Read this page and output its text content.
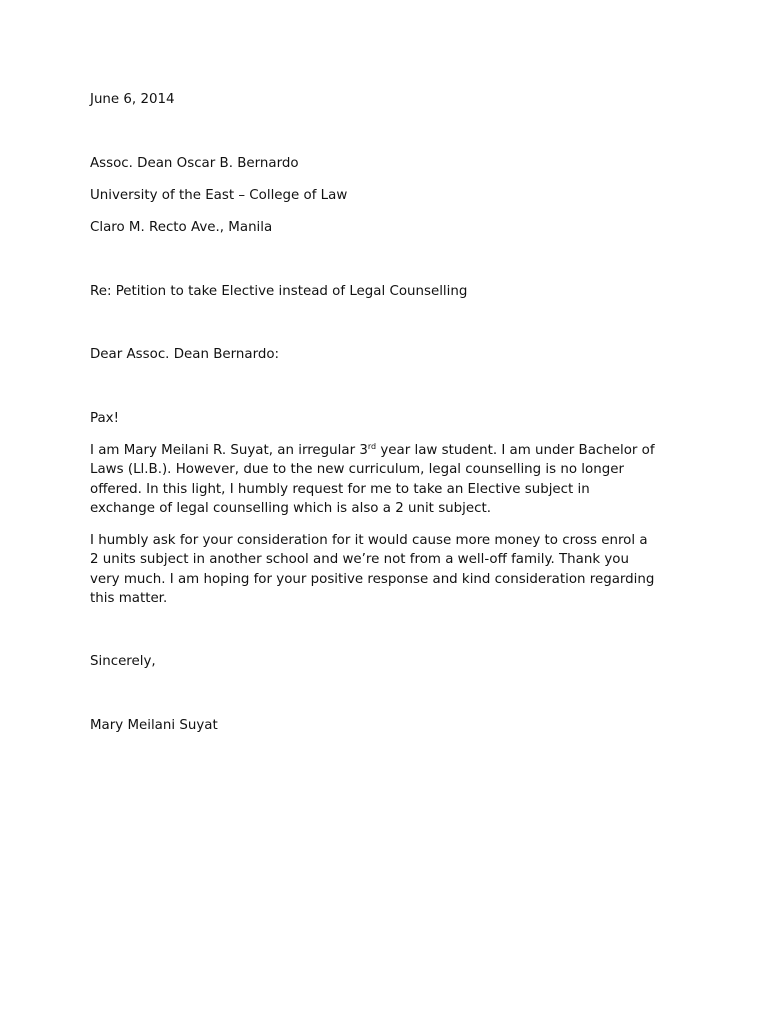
June 6, 2014
Assoc. Dean Oscar B. Bernardo
University of the East – College of Law
Claro M. Recto Ave., Manila
Re: Petition to take Elective instead of Legal Counselling
Dear Assoc. Dean Bernardo:
Pax!
I am Mary Meilani R. Suyat, an irregular 3rd year law student. I am under Bachelor of
Laws (Ll.B.). However, due to the new curriculum, legal counselling is no longer
offered. In this light, I humbly request for me to take an Elective subject in
exchange of legal counselling which is also a 2 unit subject.
I humbly ask for your consideration for it would cause more money to cross enrol a
2 units subject in another school and we’re not from a well-off family. Thank you
very much. I am hoping for your positive response and kind consideration regarding
this matter.
Sincerely,
Mary Meilani Suyat
